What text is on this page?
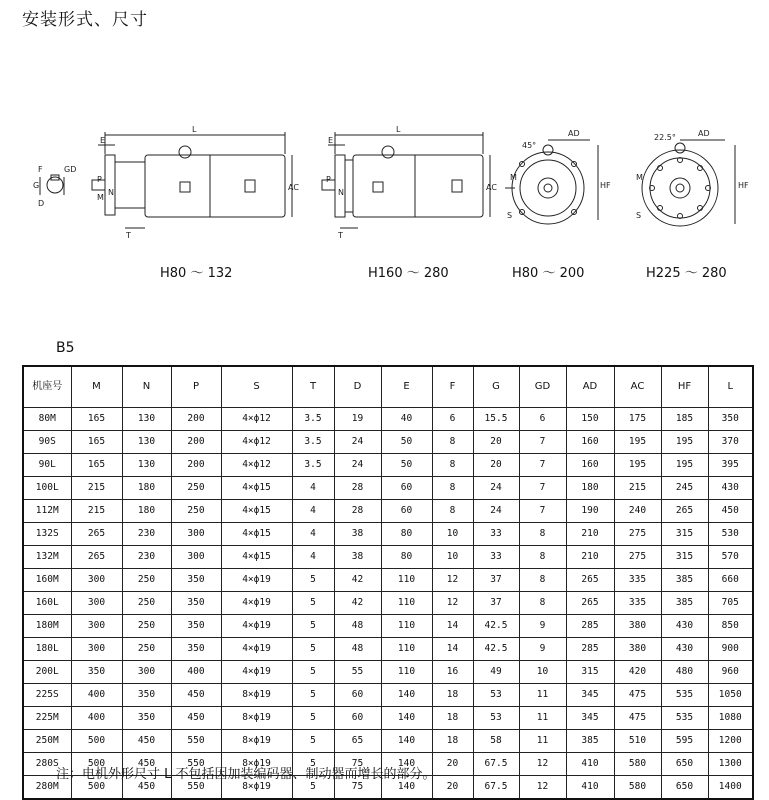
安装形式、尺寸
F
G
GD
D
L
E
M
N
P
T
AC
L
E
P
N
T
AC
AD
45°
M
S
HF
AD
22.5°
M
S
HF
H80 ～ 132	H160 ～ 280	H80 ～ 200	H225 ～ 280
B5
机座号	M	N	P	S	T	D	E	F	G	GD	AD	AC	HF	L
80M	165	130	200	4×ϕ12	3.5	19	40	6	15.5	6	150	175	185	350
90S	165	130	200	4×ϕ12	3.5	24	50	8	20	7	160	195	195	370
90L	165	130	200	4×ϕ12	3.5	24	50	8	20	7	160	195	195	395
100L	215	180	250	4×ϕ15	4	28	60	8	24	7	180	215	245	430
112M	215	180	250	4×ϕ15	4	28	60	8	24	7	190	240	265	450
132S	265	230	300	4×ϕ15	4	38	80	10	33	8	210	275	315	530
132M	265	230	300	4×ϕ15	4	38	80	10	33	8	210	275	315	570
160M	300	250	350	4×ϕ19	5	42	110	12	37	8	265	335	385	660
160L	300	250	350	4×ϕ19	5	42	110	12	37	8	265	335	385	705
180M	300	250	350	4×ϕ19	5	48	110	14	42.5	9	285	380	430	850
180L	300	250	350	4×ϕ19	5	48	110	14	42.5	9	285	380	430	900
200L	350	300	400	4×ϕ19	5	55	110	16	49	10	315	420	480	960
225S	400	350	450	8×ϕ19	5	60	140	18	53	11	345	475	535	1050
225M	400	350	450	8×ϕ19	5	60	140	18	53	11	345	475	535	1080
250M	500	450	550	8×ϕ19	5	65	140	18	58	11	385	510	595	1200
280S	500	450	550	8×ϕ19	5	75	140	20	67.5	12	410	580	650	1300
280M	500	450	550	8×ϕ19	5	75	140	20	67.5	12	410	580	650	1400
注：电机外形尺寸 L 不包括因加装编码器、制动器而增长的部分。
